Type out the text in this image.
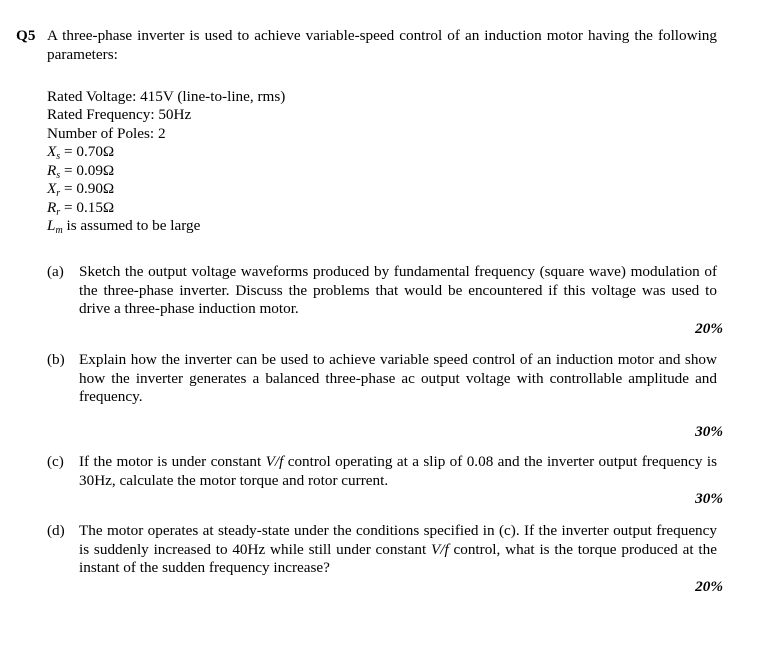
Q5 A three-phase inverter is used to achieve variable-speed control of an induction motor having the following parameters:
Rated Voltage: 415V (line-to-line, rms)
Rated Frequency: 50Hz
Number of Poles: 2
$X_s = 0.70\Omega$
$R_s = 0.09\Omega$
$X_r = 0.90\Omega$
$R_r = 0.15\Omega$
$L_m$ is assumed to be large
(a) Sketch the output voltage waveforms produced by fundamental frequency (square wave) modulation of the three-phase inverter. Discuss the problems that would be encountered if this voltage was used to drive a three-phase induction motor.
20%
(b) Explain how the inverter can be used to achieve variable speed control of an induction motor and show how the inverter generates a balanced three-phase ac output voltage with controllable amplitude and frequency.
30%
(c) If the motor is under constant V/f control operating at a slip of 0.08 and the inverter output frequency is 30Hz, calculate the motor torque and rotor current.
30%
(d) The motor operates at steady-state under the conditions specified in (c). If the inverter output frequency is suddenly increased to 40Hz while still under constant V/f control, what is the torque produced at the instant of the sudden frequency increase?
20%
